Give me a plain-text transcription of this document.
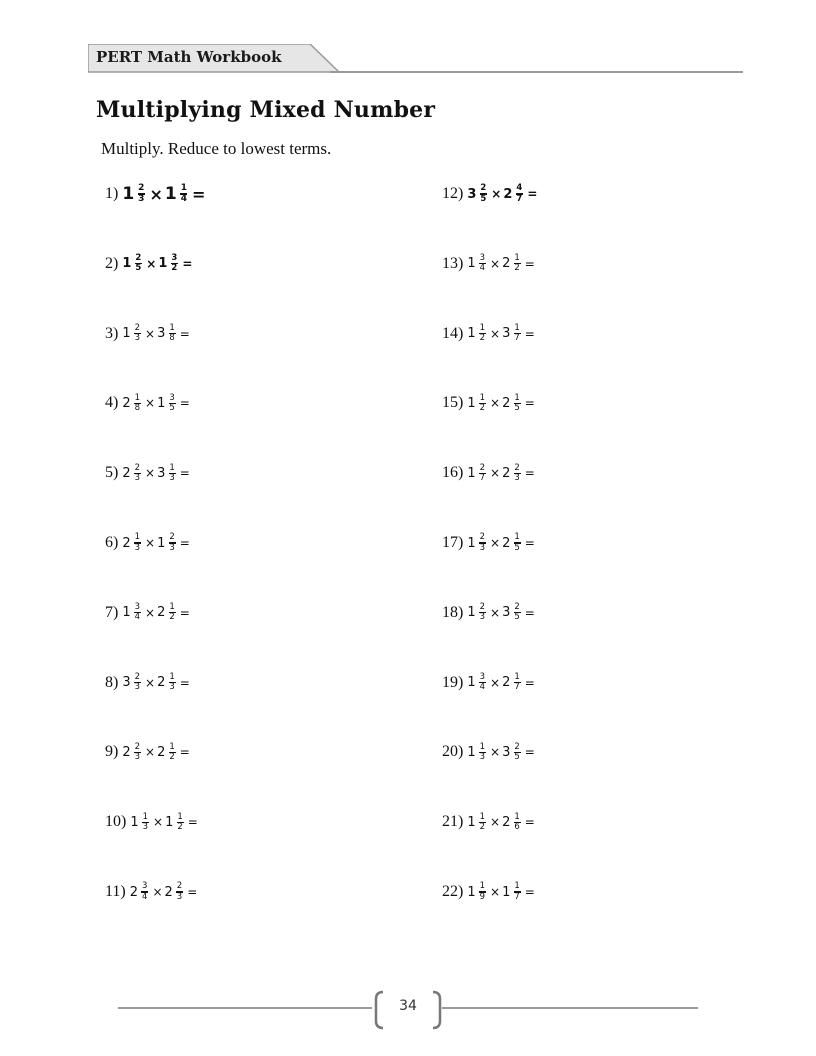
PERT Math Workbook
Multiplying Mixed Number
Multiply. Reduce to lowest terms.
1) $1 \frac{2}{3} \times 1 \frac{1}{4}$ =
2) $1 \frac{2}{5} \times 1 \frac{3}{2}$ =
3) $1 \frac{2}{3} \times 3 \frac{1}{8}$ =
4) $2 \frac{1}{8} \times 1 \frac{3}{5}$ =
5) $2 \frac{2}{3} \times 3 \frac{1}{3}$ =
6) $2 \frac{1}{3} \times 1 \frac{2}{3}$ =
7) $1 \frac{3}{4} \times 2 \frac{1}{2}$ =
8) $3 \frac{2}{3} \times 2 \frac{1}{3}$ =
9) $2 \frac{2}{3} \times 2 \frac{1}{2}$ =
10) $1 \frac{1}{3} \times 1 \frac{1}{2}$ =
11) $2 \frac{3}{4} \times 2 \frac{2}{3}$ =
12) $3 \frac{2}{5} \times 2 \frac{4}{7}$ =
13) $1 \frac{3}{4} \times 2 \frac{1}{2}$ =
14) $1 \frac{1}{2} \times 3 \frac{1}{7}$ =
15) $1 \frac{1}{2} \times 2 \frac{1}{5}$ =
16) $1 \frac{2}{7} \times 2 \frac{2}{3}$ =
17) $1 \frac{2}{3} \times 2 \frac{1}{5}$ =
18) $1 \frac{2}{3} \times 3 \frac{2}{5}$ =
19) $1 \frac{3}{4} \times 2 \frac{1}{7}$ =
20) $1 \frac{1}{3} \times 3 \frac{2}{5}$ =
21) $1 \frac{1}{2} \times 2 \frac{1}{6}$ =
22) $1 \frac{1}{9} \times 1 \frac{1}{7}$ =
34
